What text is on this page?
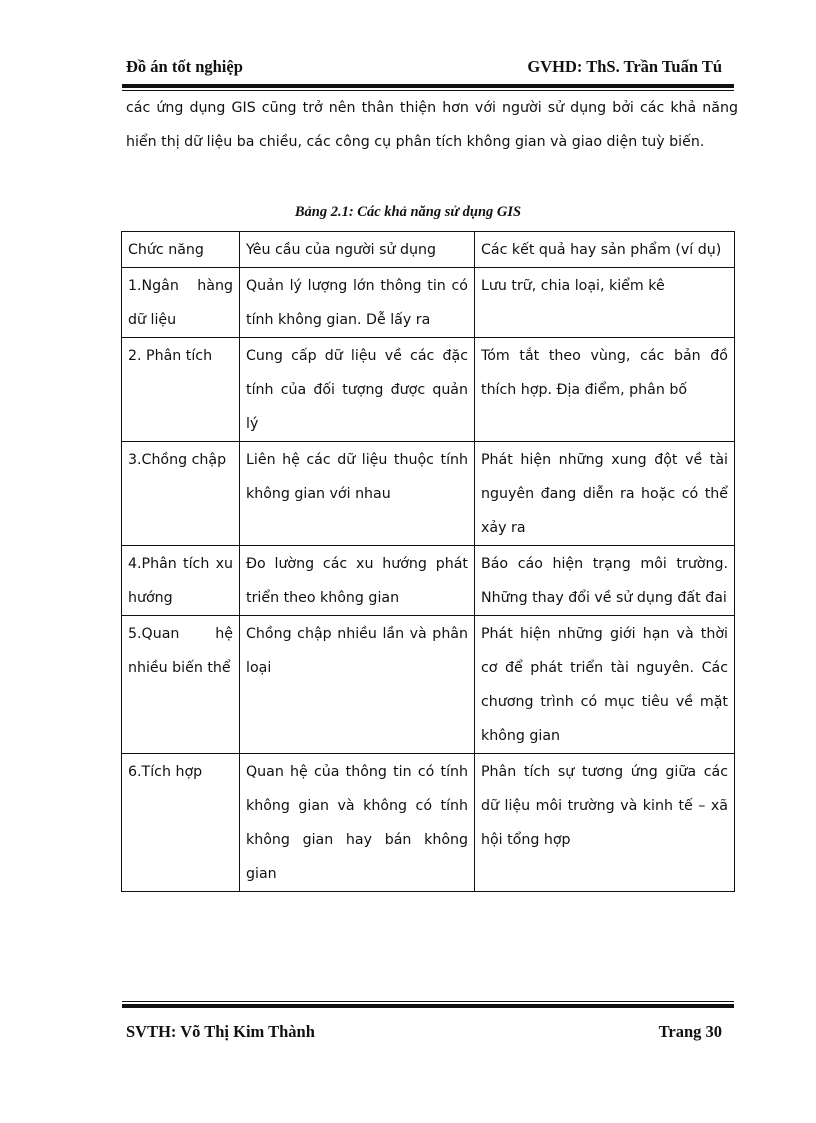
Đồ án tốt nghiệp	GVHD: ThS. Trần Tuấn Tú
các ứng dụng GIS cũng trở nên thân thiện hơn với người sử dụng bởi các khả năng hiển thị dữ liệu ba chiều, các công cụ phân tích không gian và giao diện tuỳ biến.
Bảng 2.1: Các khả năng sử dụng GIS
Chức năng	Yêu cầu của người sử dụng	Các kết quả hay sản phẩm (ví dụ)
1.Ngân hàng dữ liệu	Quản lý lượng lớn thông tin có tính không gian. Dễ lấy ra	Lưu trữ, chia loại, kiểm kê
2. Phân tích	Cung cấp dữ liệu về các đặc tính của đối tượng được quản lý	Tóm tắt theo vùng, các bản đồ thích hợp. Địa điểm, phân bố
3.Chồng chập	Liên hệ các dữ liệu thuộc tính không gian với nhau	Phát hiện những xung đột về tài nguyên đang diễn ra hoặc có thể xảy ra
4.Phân tích xu hướng	Đo lường các xu hướng phát triển theo không gian	Báo cáo hiện trạng môi trường. Những thay đổi về sử dụng đất đai
5.Quan hệ nhiều biến thể	Chồng chập nhiều lần và phân loại	Phát hiện những giới hạn và thời cơ để phát triển tài nguyên. Các chương trình có mục tiêu về mặt không gian
6.Tích hợp	Quan hệ của thông tin có tính không gian và không có tính không gian hay bán không gian	Phân tích sự tương ứng giữa các dữ liệu môi trường và kinh tế – xã hội tổng hợp
SVTH: Võ Thị Kim Thành	Trang 30
